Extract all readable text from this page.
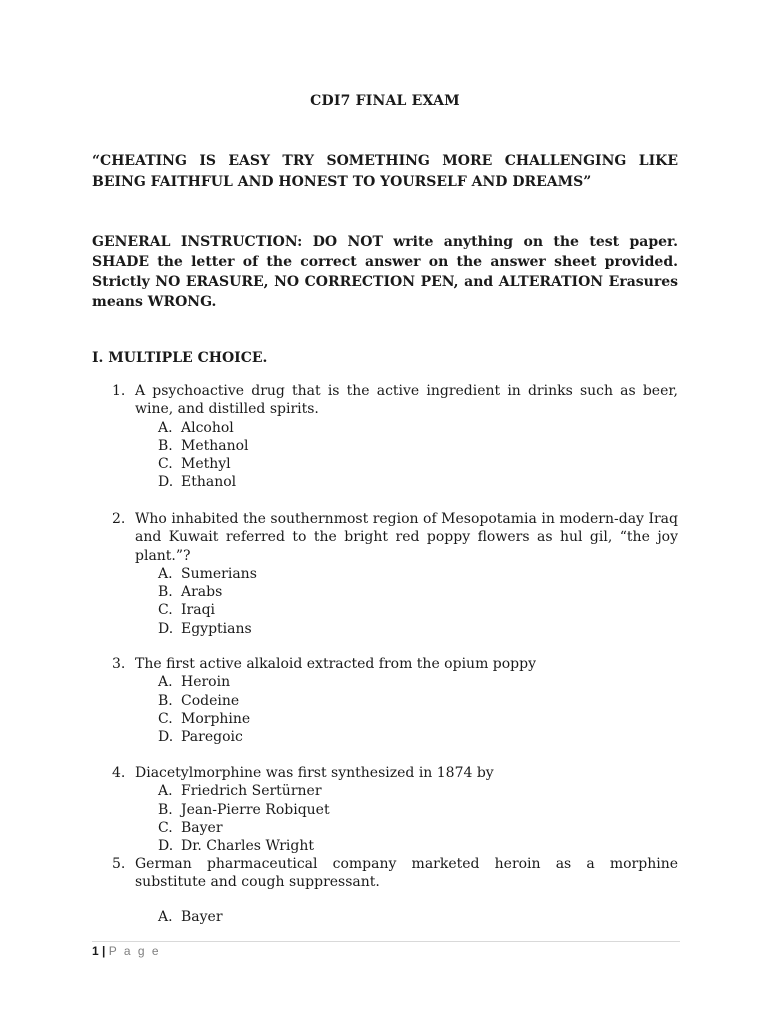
CDI7 FINAL EXAM
“CHEATING IS EASY TRY SOMETHING MORE CHALLENGING LIKE BEING FAITHFUL AND HONEST TO YOURSELF AND DREAMS”
GENERAL INSTRUCTION: DO NOT write anything on the test paper. SHADE the letter of the correct answer on the answer sheet provided. Strictly NO ERASURE, NO CORRECTION PEN, and ALTERATION Erasures means WRONG.
I. MULTIPLE CHOICE.
1. A psychoactive drug that is the active ingredient in drinks such as beer, wine, and distilled spirits.
A. Alcohol
B. Methanol
C. Methyl
D. Ethanol
2. Who inhabited the southernmost region of Mesopotamia in modern-day Iraq and Kuwait referred to the bright red poppy flowers as hul gil, “the joy plant.”?
A. Sumerians
B. Arabs
C. Iraqi
D. Egyptians
3. The first active alkaloid extracted from the opium poppy
A. Heroin
B. Codeine
C. Morphine
D. Paregoic
4. Diacetylmorphine was first synthesized in 1874 by
A. Friedrich Sertürner
B. Jean-Pierre Robiquet
C. Bayer
D. Dr. Charles Wright
5. German pharmaceutical company marketed heroin as a morphine substitute and cough suppressant.
A. Bayer
1 | P a g e
